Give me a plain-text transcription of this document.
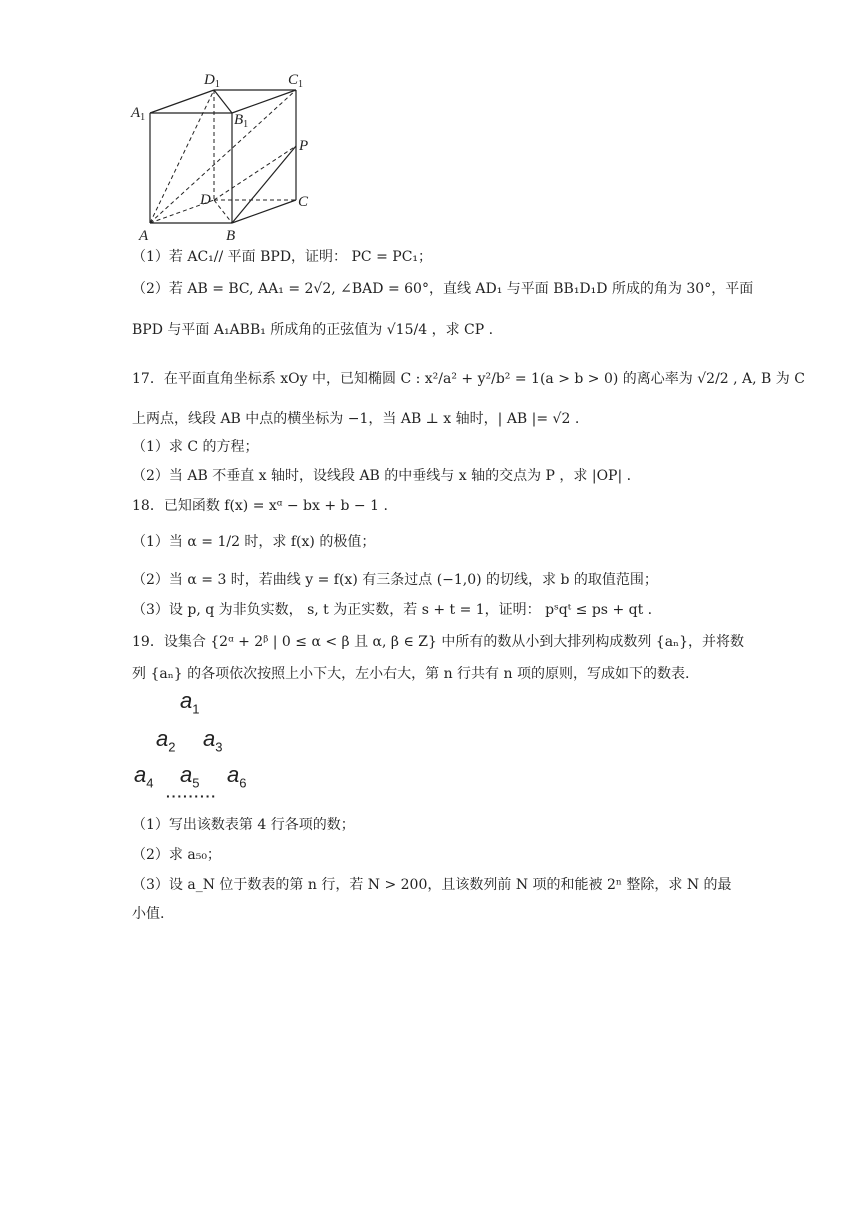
$D_1$	$C_1$
$A_1$	$B_1$
P
D	C
A	B
（1）若 AC₁// 平面 BPD，证明： PC = PC₁；
（2）若 AB = BC, AA₁ = 2√2, ∠BAD = 60°，直线 AD₁ 与平面 BB₁D₁D 所成的角为 30°，平面
BPD 与平面 A₁ABB₁ 所成角的正弦值为 √15/4 ，求 CP .
17．在平面直角坐标系 xOy 中，已知椭圆 C : x²/a² + y²/b² = 1(a > b > 0) 的离心率为 √2/2 , A, B 为 C
上两点，线段 AB 中点的横坐标为 −1，当 AB ⊥ x 轴时，| AB |= √2 .
（1）求 C 的方程；
（2）当 AB 不垂直 x 轴时，设线段 AB 的中垂线与 x 轴的交点为 P ，求 |OP| .
18．已知函数 f(x) = xᵅ − bx + b − 1 .
（1）当 α = 1/2 时，求 f(x) 的极值；
（2）当 α = 3 时，若曲线 y = f(x) 有三条过点 (−1,0) 的切线，求 b 的取值范围；
（3）设 p, q 为非负实数， s, t 为正实数，若 s + t = 1，证明： pˢqᵗ ≤ ps + qt .
19．设集合 {2ᵅ + 2ᵝ | 0 ≤ α < β 且 α, β ∈ Z} 中所有的数从小到大排列构成数列 {aₙ}，并将数
列 {aₙ} 的各项依次按照上小下大，左小右大，第 n 行共有 n 项的原则，写成如下的数表.
$a_1$
$a_2$ $a_3$
$a_4$ $a_5$ $a_6$
·········
（1）写出该数表第 4 行各项的数；
（2）求 a₅₀；
（3）设 a_N 位于数表的第 n 行，若 N > 200，且该数列前 N 项的和能被 2ⁿ 整除，求 N 的最
小值.
